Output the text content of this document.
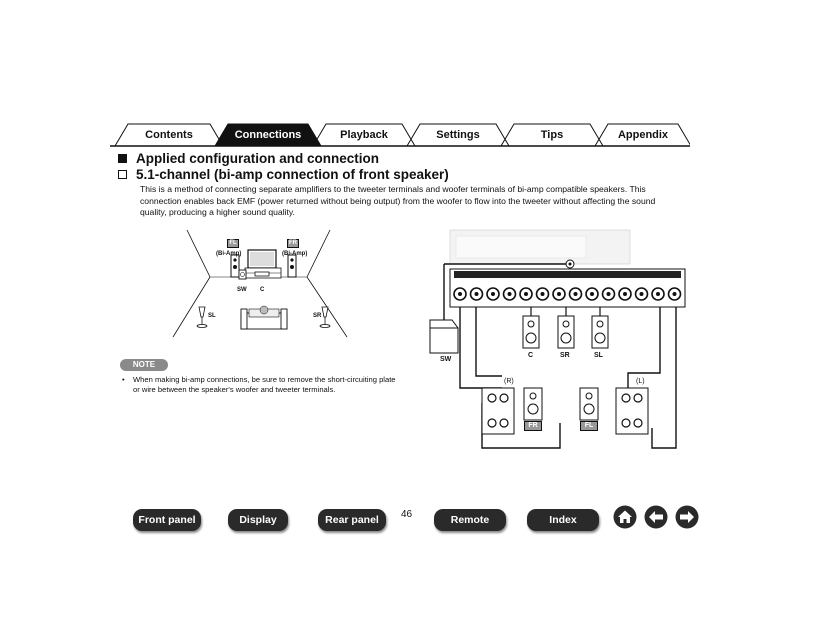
Contents	Connections	Playback	Settings	Tips	Appendix
Applied configuration and connection
5.1-channel (bi-amp connection of front speaker)
This is a method of connecting separate amplifiers to the tweeter terminals and woofer terminals of bi-amp compatible speakers. This connection enables back EMF (power returned without being output) from the woofer to flow into the tweeter without affecting the sound quality, producing a higher sound quality.
FL
(Bi-Amp)
FR
(Bi-Amp)
SW C
SL	SR
NOTE
•	When making bi-amp connections, be sure to remove the short-circuiting plate or wire between the speaker's woofer and tweeter terminals.
SW
C	SR	SL
(R)	(L)
FR	FL
Front panel	Display	Rear panel	46	Remote	Index
